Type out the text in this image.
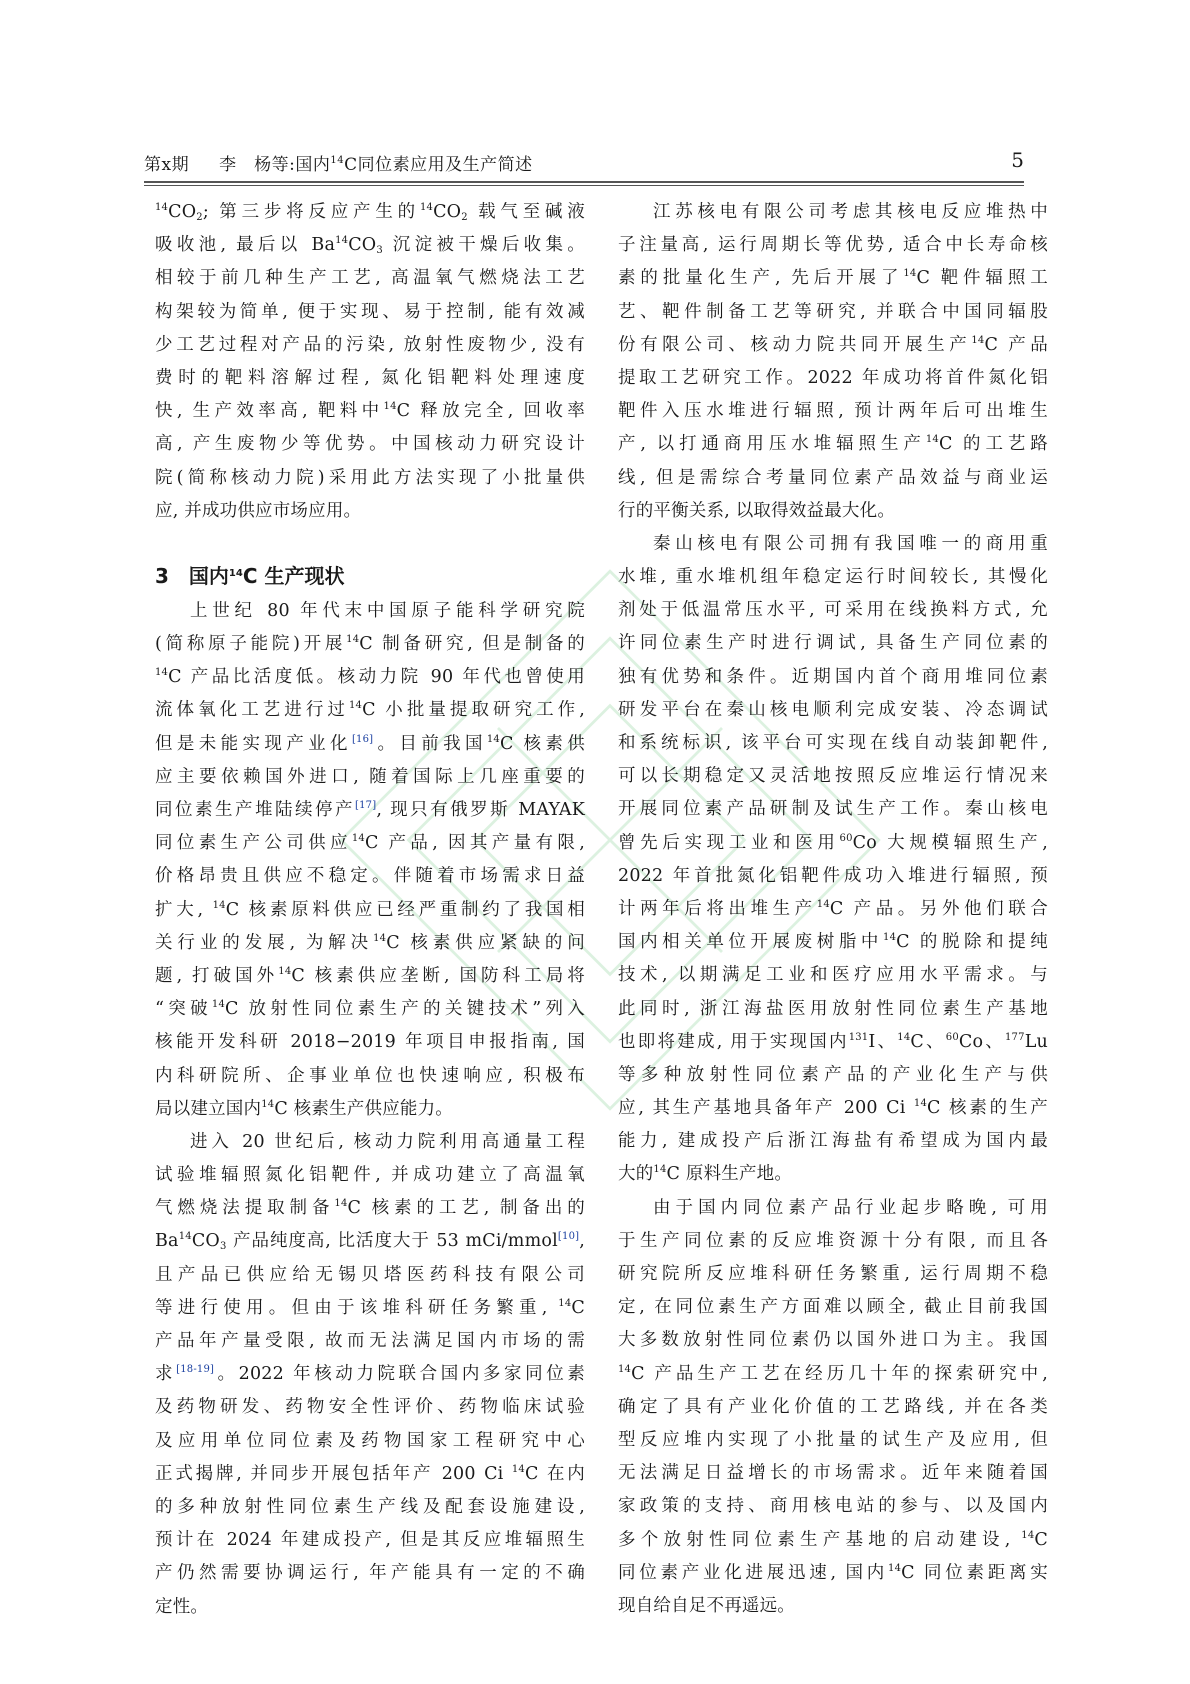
第x期 李　杨等:国内$^{14}$C同位素应用及生产简述	5
$^{14}CO_2$; 第三步将反应产生的$^{14}CO_2$ 载气至碱液
吸收池, 最后以 $Ba^{14}CO_3$ 沉淀被干燥后收集。
相较于前几种生产工艺, 高温氧气燃烧法工艺
构架较为简单, 便于实现、易于控制, 能有效减
少工艺过程对产品的污染, 放射性废物少, 没有
费时的靶料溶解过程, 氮化铝靶料处理速度
快, 生产效率高, 靶料中$^{14}$C 释放完全, 回收率
高, 产生废物少等优势。中国核动力研究设计
院(简称核动力院)采用此方法实现了小批量供
应, 并成功供应市场应用。
3 国内$^{14}$C 生产现状
上世纪 80 年代末中国原子能科学研究院
(简称原子能院)开展$^{14}$C 制备研究, 但是制备的
$^{14}$C 产品比活度低。核动力院 90 年代也曾使用
流体氧化工艺进行过$^{14}$C 小批量提取研究工作,
但是未能实现产业化[16]。目前我国$^{14}$C 核素供
应主要依赖国外进口, 随着国际上几座重要的
同位素生产堆陆续停产[17], 现只有俄罗斯 MAYAK
同位素生产公司供应$^{14}$C 产品, 因其产量有限,
价格昂贵且供应不稳定。伴随着市场需求日益
扩大, $^{14}$C 核素原料供应已经严重制约了我国相
关行业的发展, 为解决$^{14}$C 核素供应紧缺的问
题, 打破国外$^{14}$C 核素供应垄断, 国防科工局将
“突破$^{14}$C 放射性同位素生产的关键技术”列入
核能开发科研 2018−2019 年项目申报指南, 国
内科研院所、企事业单位也快速响应, 积极布
局以建立国内$^{14}$C 核素生产供应能力。
进入 20 世纪后, 核动力院利用高通量工程
试验堆辐照氮化铝靶件, 并成功建立了高温氧
气燃烧法提取制备$^{14}$C 核素的工艺, 制备出的
$Ba^{14}CO_3$ 产品纯度高, 比活度大于 53 mCi/mmol[10],
且产品已供应给无锡贝塔医药科技有限公司
等进行使用。但由于该堆科研任务繁重, $^{14}$C
产品年产量受限, 故而无法满足国内市场的需
求[18-19]。2022 年核动力院联合国内多家同位素
及药物研发、药物安全性评价、药物临床试验
及应用单位同位素及药物国家工程研究中心
正式揭牌, 并同步开展包括年产 200 Ci $^{14}$C 在内
的多种放射性同位素生产线及配套设施建设,
预计在 2024 年建成投产, 但是其反应堆辐照生
产仍然需要协调运行, 年产能具有一定的不确
定性。
江苏核电有限公司考虑其核电反应堆热中
子注量高, 运行周期长等优势, 适合中长寿命核
素的批量化生产, 先后开展了$^{14}$C 靶件辐照工
艺、靶件制备工艺等研究, 并联合中国同辐股
份有限公司、核动力院共同开展生产$^{14}$C 产品
提取工艺研究工作。2022 年成功将首件氮化铝
靶件入压水堆进行辐照, 预计两年后可出堆生
产, 以打通商用压水堆辐照生产$^{14}$C 的工艺路
线, 但是需综合考量同位素产品效益与商业运
行的平衡关系, 以取得效益最大化。
秦山核电有限公司拥有我国唯一的商用重
水堆, 重水堆机组年稳定运行时间较长, 其慢化
剂处于低温常压水平, 可采用在线换料方式, 允
许同位素生产时进行调试, 具备生产同位素的
独有优势和条件。近期国内首个商用堆同位素
研发平台在秦山核电顺利完成安装、冷态调试
和系统标识, 该平台可实现在线自动装卸靶件,
可以长期稳定又灵活地按照反应堆运行情况来
开展同位素产品研制及试生产工作。秦山核电
曾先后实现工业和医用$^{60}$Co 大规模辐照生产,
2022 年首批氮化铝靶件成功入堆进行辐照, 预
计两年后将出堆生产$^{14}$C 产品。另外他们联合
国内相关单位开展废树脂中$^{14}$C 的脱除和提纯
技术, 以期满足工业和医疗应用水平需求。与
此同时, 浙江海盐医用放射性同位素生产基地
也即将建成, 用于实现国内$^{131}$I、$^{14}$C、$^{60}$Co、$^{177}$Lu
等多种放射性同位素产品的产业化生产与供
应, 其生产基地具备年产 200 Ci $^{14}$C 核素的生产
能力, 建成投产后浙江海盐有希望成为国内最
大的$^{14}$C 原料生产地。
由于国内同位素产品行业起步略晚, 可用
于生产同位素的反应堆资源十分有限, 而且各
研究院所反应堆科研任务繁重, 运行周期不稳
定, 在同位素生产方面难以顾全, 截止目前我国
大多数放射性同位素仍以国外进口为主。我国
$^{14}$C 产品生产工艺在经历几十年的探索研究中,
确定了具有产业化价值的工艺路线, 并在各类
型反应堆内实现了小批量的试生产及应用, 但
无法满足日益增长的市场需求。近年来随着国
家政策的支持、商用核电站的参与、以及国内
多个放射性同位素生产基地的启动建设, $^{14}$C
同位素产业化进展迅速, 国内$^{14}$C 同位素距离实
现自给自足不再遥远。
